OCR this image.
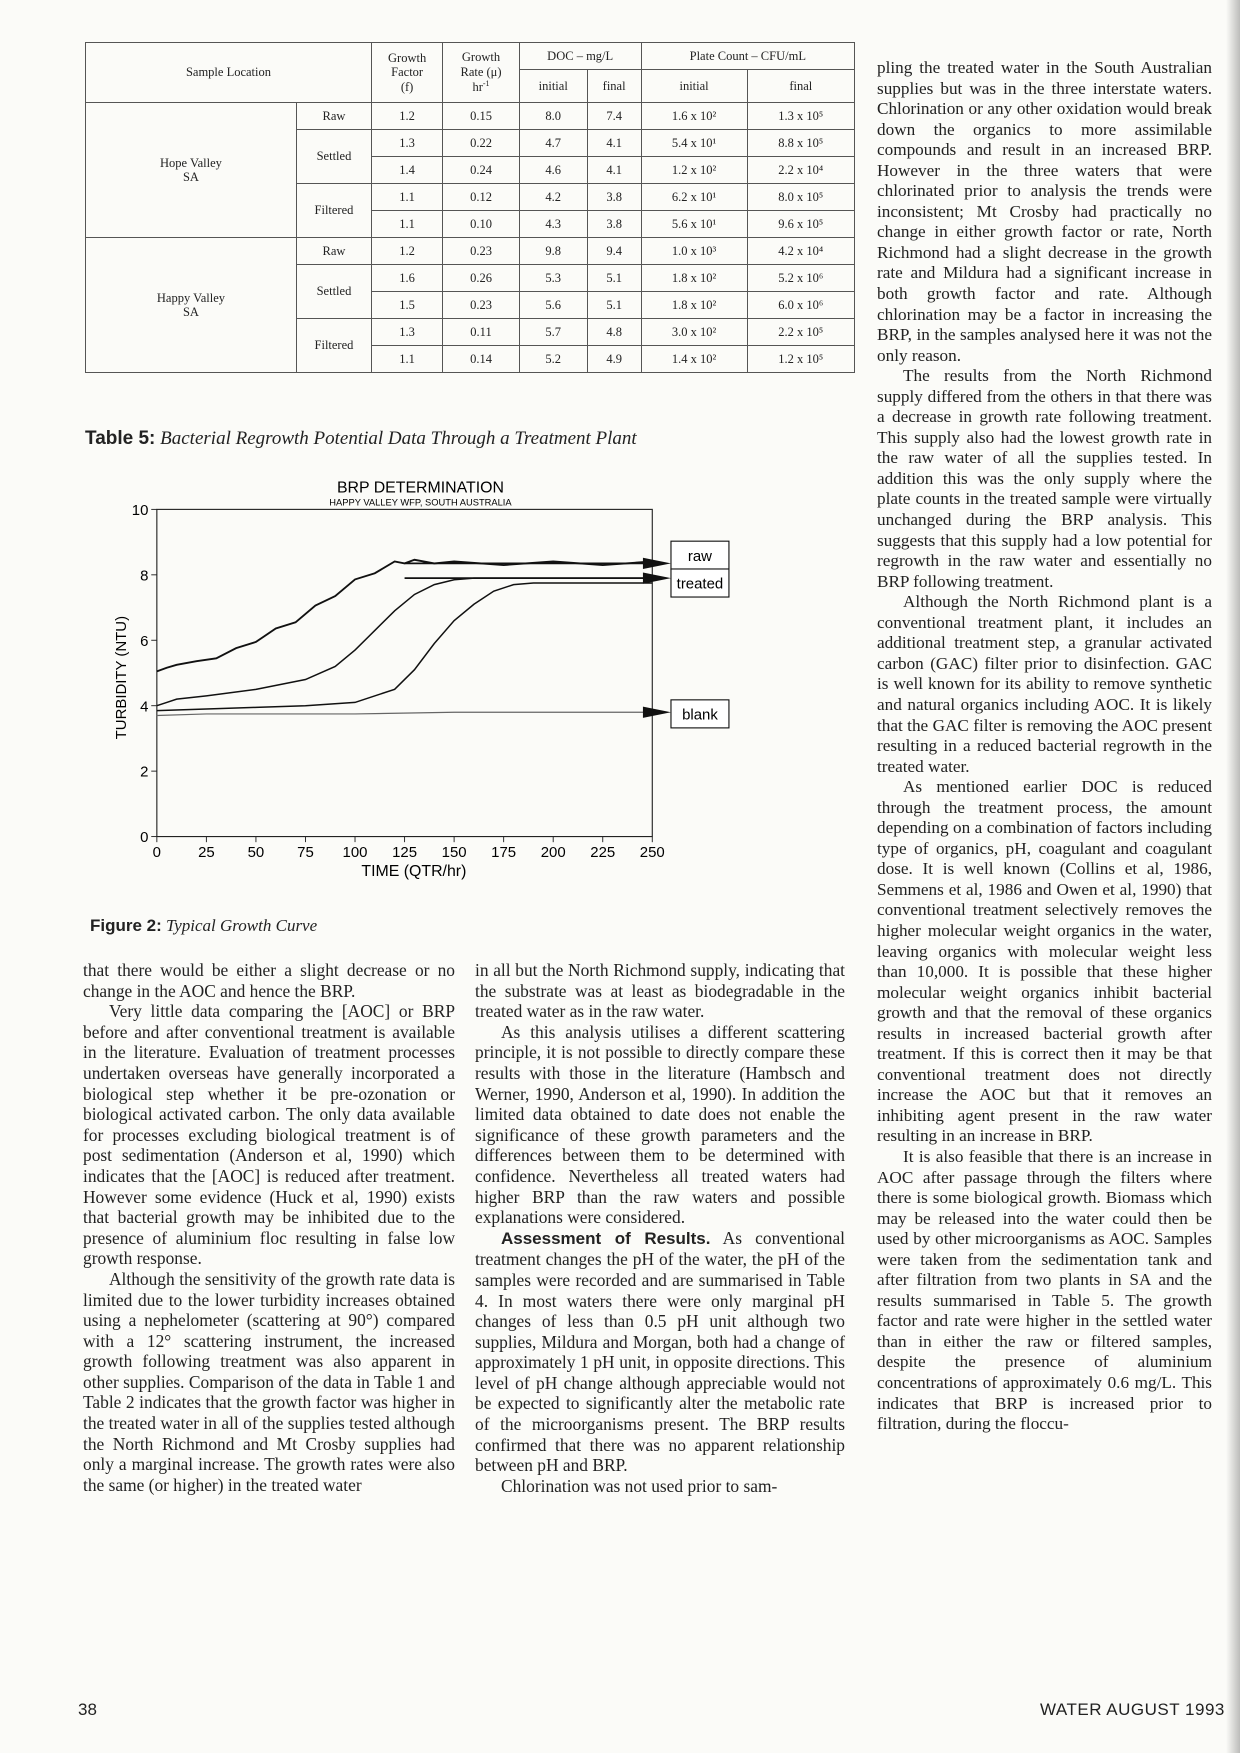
Sample Location		Growth
Factor
(f)	Growth
Rate (μ)
$hr^{-1}$	DOC – mg/L		Plate Count – CFU/mL	
				initial	final	initial	final
Hope Valley
SA	Raw	1.2	0.15	8.0	7.4	1.6 x 10²	1.3 x 10⁵
	Settled	1.3	0.22	4.7	4.1	5.4 x 10¹	8.8 x 10⁵
		1.4	0.24	4.6	4.1	1.2 x 10²	2.2 x 10⁴
	Filtered	1.1	0.12	4.2	3.8	6.2 x 10¹	8.0 x 10⁵
		1.1	0.10	4.3	3.8	5.6 x 10¹	9.6 x 10⁵
Happy Valley
SA	Raw	1.2	0.23	9.8	9.4	1.0 x 10³	4.2 x 10⁴
	Settled	1.6	0.26	5.3	5.1	1.8 x 10²	5.2 x 10⁶
		1.5	0.23	5.6	5.1	1.8 x 10²	6.0 x 10⁶
	Filtered	1.3	0.11	5.7	4.8	3.0 x 10²	2.2 x 10⁵
		1.1	0.14	5.2	4.9	1.4 x 10²	1.2 x 10⁵
Table 5: Bacterial Regrowth Potential Data Through a Treatment Plant
BRP DETERMINATION
HAPPY VALLEY WFP, SOUTH AUSTRALIA
0 25 50 75 100 125 150 175 200 225 250
0
2
4
6
8
10
TIME (QTR/hr)
TURBIDITY (NTU)
raw
treated
blank
Figure 2: Typical Growth Curve

that there would be either a slight decrease or no change in the AOC and hence the BRP.

Very little data comparing the [AOC] or BRP before and after conventional treatment is available in the literature. Evaluation of treatment processes undertaken overseas have generally incorporated a biological step whether it be pre-ozonation or biological activated carbon. The only data available for processes excluding biological treatment is of post sedimentation (Anderson et al, 1990) which indicates that the [AOC] is reduced after treatment. However some evidence (Huck et al, 1990) exists that bacterial growth may be inhibited due to the presence of aluminium floc resulting in false low growth response.

Although the sensitivity of the growth rate data is limited due to the lower turbidity increases obtained using a nephelometer (scattering at 90°) compared with a 12° scattering instrument, the increased growth following treatment was also apparent in other supplies. Comparison of the data in Table 1 and Table 2 indicates that the growth factor was higher in the treated water in all of the supplies tested although the North Richmond and Mt Crosby supplies had only a marginal increase. The growth rates were also the same (or higher) in the treated water

in all but the North Richmond supply, indicating that the substrate was at least as biodegradable in the treated water as in the raw water.

As this analysis utilises a different scattering principle, it is not possible to directly compare these results with those in the literature (Hambsch and Werner, 1990, Anderson et al, 1990). In addition the limited data obtained to date does not enable the significance of these growth parameters and the differences between them to be determined with confidence. Nevertheless all treated waters had higher BRP than the raw waters and possible explanations were considered.

Assessment of Results. As conventional treatment changes the pH of the water, the pH of the samples were recorded and are summarised in Table 4. In most waters there were only marginal pH changes of less than 0.5 pH unit although two supplies, Mildura and Morgan, both had a change of approximately 1 pH unit, in opposite directions. This level of pH change although appreciable would not be expected to significantly alter the metabolic rate of the microorganisms present. The BRP results confirmed that there was no apparent relationship between pH and BRP.

Chlorination was not used prior to sam-

pling the treated water in the South Australian supplies but was in the three interstate waters. Chlorination or any other oxidation would break down the organics to more assimilable compounds and result in an increased BRP. However in the three waters that were chlorinated prior to analysis the trends were inconsistent; Mt Crosby had practically no change in either growth factor or rate, North Richmond had a slight decrease in the growth rate and Mildura had a significant increase in both growth factor and rate. Although chlorination may be a factor in increasing the BRP, in the samples analysed here it was not the only reason.

The results from the North Richmond supply differed from the others in that there was a decrease in growth rate following treatment. This supply also had the lowest growth rate in the raw water of all the supplies tested. In addition this was the only supply where the plate counts in the treated sample were virtually unchanged during the BRP analysis. This suggests that this supply had a low potential for regrowth in the raw water and essentially no BRP following treatment.

Although the North Richmond plant is a conventional treatment plant, it includes an additional treatment step, a granular activated carbon (GAC) filter prior to disinfection. GAC is well known for its ability to remove synthetic and natural organics including AOC. It is likely that the GAC filter is removing the AOC present resulting in a reduced bacterial regrowth in the treated water.

As mentioned earlier DOC is reduced through the treatment process, the amount depending on a combination of factors including type of organics, pH, coagulant and coagulant dose. It is well known (Collins et al, 1986, Semmens et al, 1986 and Owen et al, 1990) that conventional treatment selectively removes the higher molecular weight organics in the water, leaving organics with molecular weight less than 10,000. It is possible that these higher molecular weight organics inhibit bacterial growth and that the removal of these organics results in increased bacterial growth after treatment. If this is correct then it may be that conventional treatment does not directly increase the AOC but that it removes an inhibiting agent present in the raw water resulting in an increase in BRP.

It is also feasible that there is an increase in AOC after passage through the filters where there is some biological growth. Biomass which may be released into the water could then be used by other microorganisms as AOC. Samples were taken from the sedimentation tank and after filtration from two plants in SA and the results summarised in Table 5. The growth factor and rate were higher in the settled water than in either the raw or filtered samples, despite the presence of aluminium concentrations of approximately 0.6 mg/L. This indicates that BRP is increased prior to filtration, during the floccu-

38	WATER AUGUST 1993
